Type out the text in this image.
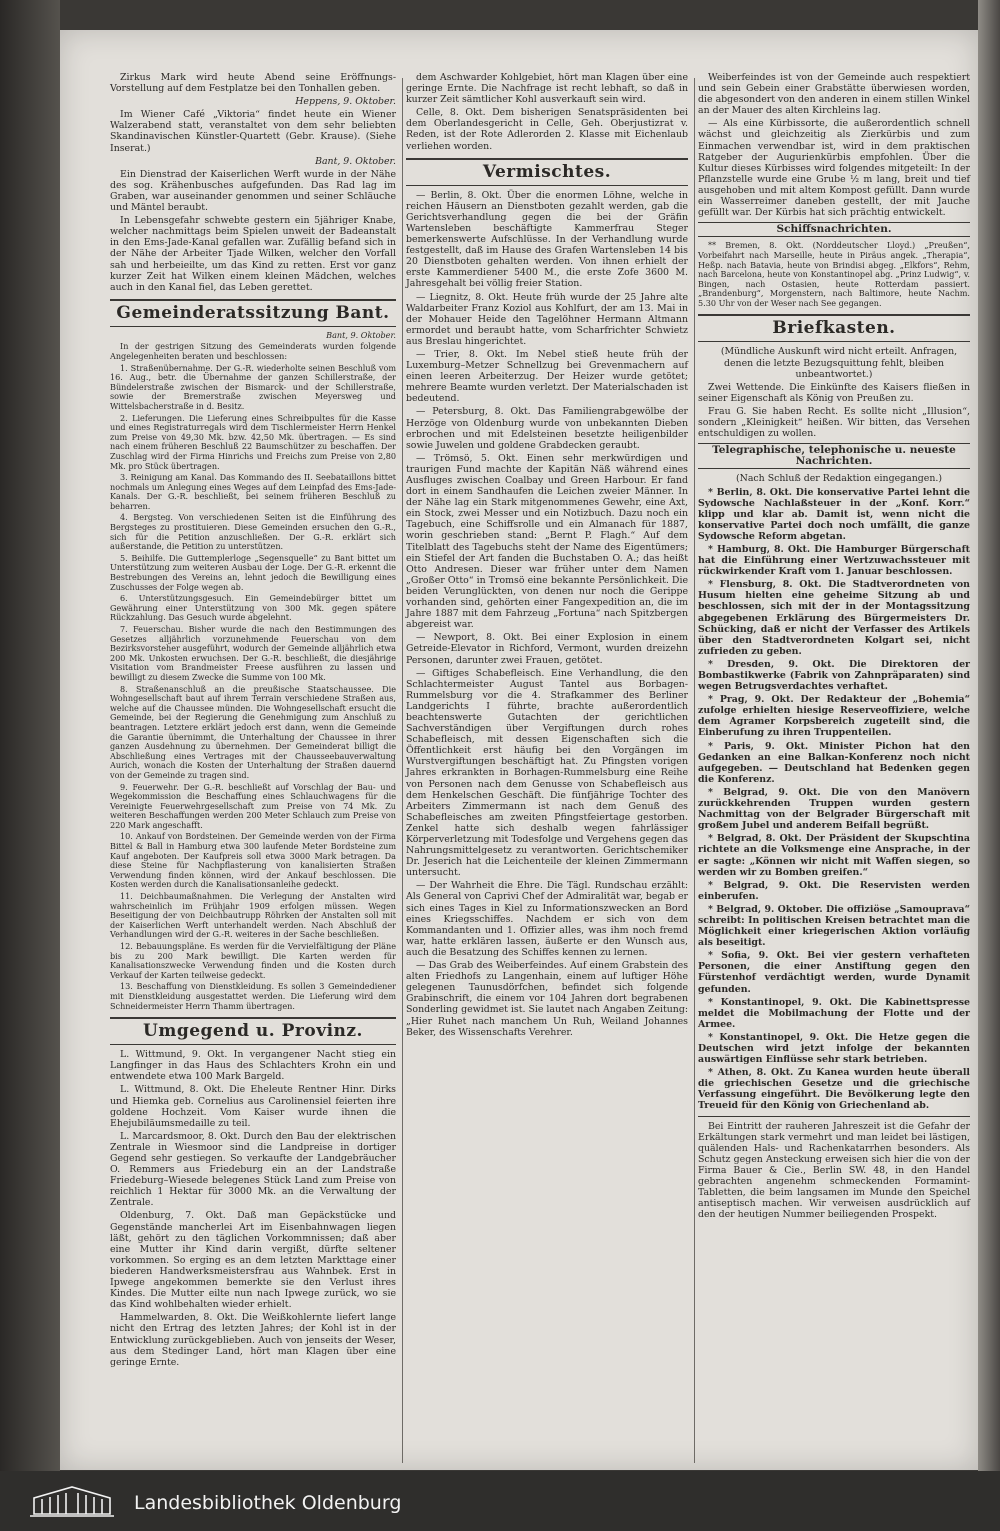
Zirkus Mark wird heute Abend seine Eröffnungs-Vorstellung auf dem Festplatze bei den Tonhallen geben.

Heppens, 9. Oktober.

Im Wiener Café „Viktoria“ findet heute ein Wiener Walzerabend statt, veranstaltet von dem sehr beliebten Skandinavischen Künstler-Quartett (Gebr. Krause). (Siehe Inserat.)

Bant, 9. Oktober.

Ein Dienstrad der Kaiserlichen Werft wurde in der Nähe des sog. Krähenbusches aufgefunden. Das Rad lag im Graben, war auseinander genommen und seiner Schläuche und Mäntel beraubt.

In Lebensgefahr schwebte gestern ein 5jähriger Knabe, welcher nachmittags beim Spielen unweit der Badeanstalt in den Ems-Jade-Kanal gefallen war. Zufällig befand sich in der Nähe der Arbeiter Tjade Wilken, welcher den Vorfall sah und herbeieilte, um das Kind zu retten. Erst vor ganz kurzer Zeit hat Wilken einem kleinen Mädchen, welches auch in den Kanal fiel, das Leben gerettet.

Gemeinderatssitzung Bant.

Bant, 9. Oktober.

In der gestrigen Sitzung des Gemeinderats wurden folgende Angelegenheiten beraten und beschlossen:

1. Straßenübernahme. Der G.-R. wiederholte seinen Beschluß vom 16. Aug., betr. die Übernahme der ganzen Schillerstraße, der Bündelerstraße zwischen der Bismarck- und der Schillerstraße, sowie der Bremerstraße zwischen Meyersweg und Wittelsbacherstraße in d. Besitz.

2. Lieferungen. Die Lieferung eines Schreibpultes für die Kasse und eines Registraturregals wird dem Tischlermeister Herrn Henkel zum Preise von 49,30 Mk. bzw. 42,50 Mk. übertragen. — Es sind nach einem früheren Beschluß 22 Baumschützer zu beschaffen. Der Zuschlag wird der Firma Hinrichs und Freichs zum Preise von 2,80 Mk. pro Stück übertragen.

3. Reinigung am Kanal. Das Kommando des II. Seebataillons bittet nochmals um Anlegung eines Weges auf dem Leinpfad des Ems-Jade-Kanals. Der G.-R. beschließt, bei seinem früheren Beschluß zu beharren.

4. Bergsteg. Von verschiedenen Seiten ist die Einführung des Bergsteges zu prostituieren. Diese Gemeinden ersuchen den G.-R., sich für die Petition anzuschließen. Der G.-R. erklärt sich außerstande, die Petition zu unterstützen.

5. Beihilfe. Die Guttemplerloge „Segensquelle“ zu Bant bittet um Unterstützung zum weiteren Ausbau der Loge. Der G.-R. erkennt die Bestrebungen des Vereins an, lehnt jedoch die Bewilligung eines Zuschusses der Folge wegen ab.

6. Unterstützungsgesuch. Ein Gemeindebürger bittet um Gewährung einer Unterstützung von 300 Mk. gegen spätere Rückzahlung. Das Gesuch wurde abgelehnt.

7. Feuerschau. Bisher wurde die nach den Bestimmungen des Gesetzes alljährlich vorzunehmende Feuerschau von dem Bezirksvorsteher ausgeführt, wodurch der Gemeinde alljährlich etwa 200 Mk. Unkosten erwuchsen. Der G.-R. beschließt, die diesjährige Visitation vom Brandmeister Freese ausführen zu lassen und bewilligt zu diesem Zwecke die Summe von 100 Mk.

8. Straßenanschluß an die preußische Staatschaussee. Die Wohngesellschaft baut auf ihrem Terrain verschiedene Straßen aus, welche auf die Chaussee münden. Die Wohngesellschaft ersucht die Gemeinde, bei der Regierung die Genehmigung zum Anschluß zu beantragen. Letztere erklärt jedoch erst dann, wenn die Gemeinde die Garantie übernimmt, die Unterhaltung der Chaussee in ihrer ganzen Ausdehnung zu übernehmen. Der Gemeinderat billigt die Abschließung eines Vertrages mit der Chausseebauverwaltung Aurich, wonach die Kosten der Unterhaltung der Straßen dauernd von der Gemeinde zu tragen sind.

9. Feuerwehr. Der G.-R. beschließt auf Vorschlag der Bau- und Wegekommission die Beschaffung eines Schlauchwagens für die Vereinigte Feuerwehrgesellschaft zum Preise von 74 Mk. Zu weiteren Beschaffungen werden 200 Meter Schlauch zum Preise von 220 Mark angeschafft.

10. Ankauf von Bordsteinen. Der Gemeinde werden von der Firma Bittel & Ball in Hamburg etwa 300 laufende Meter Bordsteine zum Kauf angeboten. Der Kaufpreis soll etwa 3000 Mark betragen. Da diese Steine für Nachpflasterung von kanalisierten Straßen Verwendung finden können, wird der Ankauf beschlossen. Die Kosten werden durch die Kanalisationsanleihe gedeckt.

11. Deichbaumaßnahmen. Die Verlegung der Anstalten wird wahrscheinlich im Frühjahr 1909 erfolgen müssen. Wegen Beseitigung der von Deichbautrupp Röhrken der Anstalten soll mit der Kaiserlichen Werft unterhandelt werden. Nach Abschluß der Verhandlungen wird der G.-R. weiteres in der Sache beschließen.

12. Bebauungspläne. Es werden für die Vervielfältigung der Pläne bis zu 200 Mark bewilligt. Die Karten werden für Kanalisationszwecke Verwendung finden und die Kosten durch Verkauf der Karten teilweise gedeckt.

13. Beschaffung von Dienstkleidung. Es sollen 3 Gemeindediener mit Dienstkleidung ausgestattet werden. Die Lieferung wird dem Schneidermeister Herrn Thamm übertragen.

Umgegend u. Provinz.

L. Wittmund, 9. Okt. In vergangener Nacht stieg ein Langfinger in das Haus des Schlachters Krohn ein und entwendete etwa 100 Mark Bargeld.

L. Wittmund, 8. Okt. Die Eheleute Rentner Hinr. Dirks und Hiemka geb. Cornelius aus Carolinensiel feierten ihre goldene Hochzeit. Vom Kaiser wurde ihnen die Ehejubiläumsmedaille zu teil.

L. Marcardsmoor, 8. Okt. Durch den Bau der elektrischen Zentrale in Wiesmoor sind die Landpreise in dortiger Gegend sehr gestiegen. So verkaufte der Landgebräucher O. Remmers aus Friedeburg ein an der Landstraße Friedeburg–Wiesede belegenes Stück Land zum Preise von reichlich 1 Hektar für 3000 Mk. an die Verwaltung der Zentrale.

Oldenburg, 7. Okt. Daß man Gepäckstücke und Gegenstände mancherlei Art im Eisenbahnwagen liegen läßt, gehört zu den täglichen Vorkommnissen; daß aber eine Mutter ihr Kind darin vergißt, dürfte seltener vorkommen. So erging es an dem letzten Markttage einer biederen Handwerksmeistersfrau aus Wahnbek. Erst in Ipwege angekommen bemerkte sie den Verlust ihres Kindes. Die Mutter eilte nun nach Ipwege zurück, wo sie das Kind wohlbehalten wieder erhielt.

Hammelwarden, 8. Okt. Die Weißkohlernte liefert lange nicht den Ertrag des letzten Jahres; der Kohl ist in der Entwicklung zurückgeblieben. Auch von jenseits der Weser, aus dem Stedinger Land, hört man Klagen über eine geringe Ernte.

dem Aschwarder Kohlgebiet, hört man Klagen über eine geringe Ernte. Die Nachfrage ist recht lebhaft, so daß in kurzer Zeit sämtlicher Kohl ausverkauft sein wird.

Celle, 8. Okt. Dem bisherigen Senatspräsidenten bei dem Oberlandesgericht in Celle, Geh. Oberjustizrat v. Reden, ist der Rote Adlerorden 2. Klasse mit Eichenlaub verliehen worden.

Vermischtes.

— Berlin, 8. Okt. Über die enormen Löhne, welche in reichen Häusern an Dienstboten gezahlt werden, gab die Gerichtsverhandlung gegen die bei der Gräfin Wartensleben beschäftigte Kammerfrau Steger bemerkenswerte Aufschlüsse. In der Verhandlung wurde festgestellt, daß im Hause des Grafen Wartensleben 14 bis 20 Dienstboten gehalten werden. Von ihnen erhielt der erste Kammerdiener 5400 M., die erste Zofe 3600 M. Jahresgehalt bei völlig freier Station.

— Liegnitz, 8. Okt. Heute früh wurde der 25 Jahre alte Waldarbeiter Franz Koziol aus Kohlfurt, der am 13. Mai in der Mohauer Heide den Tagelöhner Hermann Altmann ermordet und beraubt hatte, vom Scharfrichter Schwietz aus Breslau hingerichtet.

— Trier, 8. Okt. Im Nebel stieß heute früh der Luxemburg–Metzer Schnellzug bei Grevenmachern auf einen leeren Arbeiterzug. Der Heizer wurde getötet; mehrere Beamte wurden verletzt. Der Materialschaden ist bedeutend.

— Petersburg, 8. Okt. Das Familiengrabgewölbe der Herzöge von Oldenburg wurde von unbekannten Dieben erbrochen und mit Edelsteinen besetzte heiligenbilder sowie Juwelen und goldene Grabdecken geraubt.

— Trömsö, 5. Okt. Einen sehr merkwürdigen und traurigen Fund machte der Kapitän Näß während eines Ausfluges zwischen Coalbay und Green Harbour. Er fand dort in einem Sandhaufen die Leichen zweier Männer. In der Nähe lag ein Stark mitgenommenes Gewehr, eine Axt, ein Stock, zwei Messer und ein Notizbuch. Dazu noch ein Tagebuch, eine Schiffsrolle und ein Almanach für 1887, worin geschrieben stand: „Bernt P. Flagh.“ Auf dem Titelblatt des Tagebuchs steht der Name des Eigentümers; ein Stiefel der Art fanden die Buchstaben O. A.; das heißt Otto Andresen. Dieser war früher unter dem Namen „Großer Otto“ in Tromsö eine bekannte Persönlichkeit. Die beiden Verunglückten, von denen nur noch die Gerippe vorhanden sind, gehörten einer Fangexpedition an, die im Jahre 1887 mit dem Fahrzeug „Fortuna“ nach Spitzbergen abgereist war.

— Newport, 8. Okt. Bei einer Explosion in einem Getreide-Elevator in Richford, Vermont, wurden dreizehn Personen, darunter zwei Frauen, getötet.

— Giftiges Schabefleisch. Eine Verhandlung, die den Schlachtermeister August Tantel aus Borbagen-Rummelsburg vor die 4. Strafkammer des Berliner Landgerichts I führte, brachte außerordentlich beachtenswerte Gutachten der gerichtlichen Sachverständigen über Vergiftungen durch rohes Schabefleisch, mit dessen Eigenschaften sich die Öffentlichkeit erst häufig bei den Vorgängen im Wurstvergiftungen beschäftigt hat. Zu Pfingsten vorigen Jahres erkrankten in Borhagen-Rummelsburg eine Reihe von Personen nach dem Genusse von Schabefleisch aus dem Henkelschen Geschäft. Die fünfjährige Tochter des Arbeiters Zimmermann ist nach dem Genuß des Schabefleisches am zweiten Pfingstfeiertage gestorben. Zenkel hatte sich deshalb wegen fahrlässiger Körperverletzung mit Todesfolge und Vergehens gegen das Nahrungsmittelgesetz zu verantworten. Gerichtschemiker Dr. Jeserich hat die Leichenteile der kleinen Zimmermann untersucht.

— Der Wahrheit die Ehre. Die Tägl. Rundschau erzählt: Als General von Caprivi Chef der Admiralität war, begab er sich eines Tages in Kiel zu Informationszwecken an Bord eines Kriegsschiffes. Nachdem er sich von dem Kommandanten und 1. Offizier alles, was ihm noch fremd war, hatte erklären lassen, äußerte er den Wunsch aus, auch die Besatzung des Schiffes kennen zu lernen.

— Das Grab des Weiberfeindes. Auf einem Grabstein des alten Friedhofs zu Langenhain, einem auf luftiger Höhe gelegenen Taunusdörfchen, befindet sich folgende Grabinschrift, die einem vor 104 Jahren dort begrabenen Sonderling gewidmet ist. Sie lautet nach Angaben Zeitung: „Hier Ruhet nach manchem Un Ruh, Weiland Johannes Beker, des Wissenschafts Verehrer.

Weiberfeindes ist von der Gemeinde auch respektiert und sein Gebein einer Grabstätte überwiesen worden, die abgesondert von den anderen in einem stillen Winkel an der Mauer des alten Kirchleins lag.

— Als eine Kürbissorte, die außerordentlich schnell wächst und gleichzeitig als Zierkürbis und zum Einmachen verwendbar ist, wird in dem praktischen Ratgeber der Augurienkürbis empfohlen. Über die Kultur dieses Kürbisses wird folgendes mitgeteilt: In der Pflanzstelle wurde eine Grube ½ m lang, breit und tief ausgehoben und mit altem Kompost gefüllt. Dann wurde ein Wasserreimer daneben gestellt, der mit Jauche gefüllt war. Der Kürbis hat sich prächtig entwickelt.

Schiffsnachrichten.

** Bremen, 8. Okt. (Norddeutscher Lloyd.) „Preußen“, Vorbeifahrt nach Marseille, heute in Piräus angek. „Therapia“, Heßp. nach Batavia, heute von Brindisi abgeg. „Elkfors“, Rehm, nach Barcelona, heute von Konstantinopel abg. „Prinz Ludwig“, v. Bingen, nach Ostasien, heute Rotterdam passiert. „Brandenburg“, Morgenstern, nach Baltimore, heute Nachm. 5.30 Uhr von der Weser nach See gegangen.

Briefkasten.

(Mündliche Auskunft wird nicht erteilt. Anfragen, denen die letzte Bezugsquittung fehlt, bleiben unbeantwortet.)

Zwei Wettende. Die Einkünfte des Kaisers fließen in seiner Eigenschaft als König von Preußen zu.

Frau G. Sie haben Recht. Es sollte nicht „Illusion“, sondern „Kleinigkeit“ heißen. Wir bitten, das Versehen entschuldigen zu wollen.

Telegraphische, telephonische u. neueste Nachrichten.

(Nach Schluß der Redaktion eingegangen.)

* Berlin, 8. Okt. Die konservative Partei lehnt die Sydowsche Nachlaßsteuer in der „Konf. Korr.“ klipp und klar ab. Damit ist, wenn nicht die konservative Partei doch noch umfällt, die ganze Sydowsche Reform abgetan.

* Hamburg, 8. Okt. Die Hamburger Bürgerschaft hat die Einführung einer Wertzuwachssteuer mit rückwirkender Kraft vom 1. Januar beschlossen.

* Flensburg, 8. Okt. Die Stadtverordneten von Husum hielten eine geheime Sitzung ab und beschlossen, sich mit der in der Montagssitzung abgegebenen Erklärung des Bürgermeisters Dr. Schücking, daß er nicht der Verfasser des Artikels über den Stadtverordneten Kolgart sei, nicht zufrieden zu geben.

* Dresden, 9. Okt. Die Direktoren der Bombastikwerke (Fabrik von Zahnpräparaten) sind wegen Betrugsverdachtes verhaftet.

* Prag, 9. Okt. Der Redakteur der „Bohemia“ zufolge erhielten hiesige Reserveoffiziere, welche dem Agramer Korpsbereich zugeteilt sind, die Einberufung zu ihren Truppenteilen.

* Paris, 9. Okt. Minister Pichon hat den Gedanken an eine Balkan-Konferenz noch nicht aufgegeben. — Deutschland hat Bedenken gegen die Konferenz.

* Belgrad, 9. Okt. Die von den Manövern zurückkehrenden Truppen wurden gestern Nachmittag von der Belgrader Bürgerschaft mit großem Jubel und anderem Beifall begrüßt.

* Belgrad, 8. Okt. Der Präsident der Skupschtina richtete an die Volksmenge eine Ansprache, in der er sagte: „Können wir nicht mit Waffen siegen, so werden wir zu Bomben greifen.“

* Belgrad, 9. Okt. Die Reservisten werden einberufen.

* Belgrad, 9. Oktober. Die offiziöse „Samouprava“ schreibt: In politischen Kreisen betrachtet man die Möglichkeit einer kriegerischen Aktion vorläufig als beseitigt.

* Sofia, 9. Okt. Bei vier gestern verhafteten Personen, die einer Anstiftung gegen den Fürstenhof verdächtigt werden, wurde Dynamit gefunden.

* Konstantinopel, 9. Okt. Die Kabinettspresse meldet die Mobilmachung der Flotte und der Armee.

* Konstantinopel, 9. Okt. Die Hetze gegen die Deutschen wird jetzt infolge der bekannten auswärtigen Einflüsse sehr stark betrieben.

* Athen, 8. Okt. Zu Kanea wurden heute überall die griechischen Gesetze und die griechische Verfassung eingeführt. Die Bevölkerung legte den Treueid für den König von Griechenland ab.

Bei Eintritt der rauheren Jahreszeit ist die Gefahr der Erkältungen stark vermehrt und man leidet bei lästigen, quälenden Hals- und Rachenkatarrhen besonders. Als Schutz gegen Ansteckung erweisen sich hier die von der Firma Bauer & Cie., Berlin SW. 48, in den Handel gebrachten angenehm schmeckenden Formamint-Tabletten, die beim langsamen im Munde den Speichel antiseptisch machen. Wir verweisen ausdrücklich auf den der heutigen Nummer beiliegenden Prospekt.

Landesbibliothek Oldenburg
